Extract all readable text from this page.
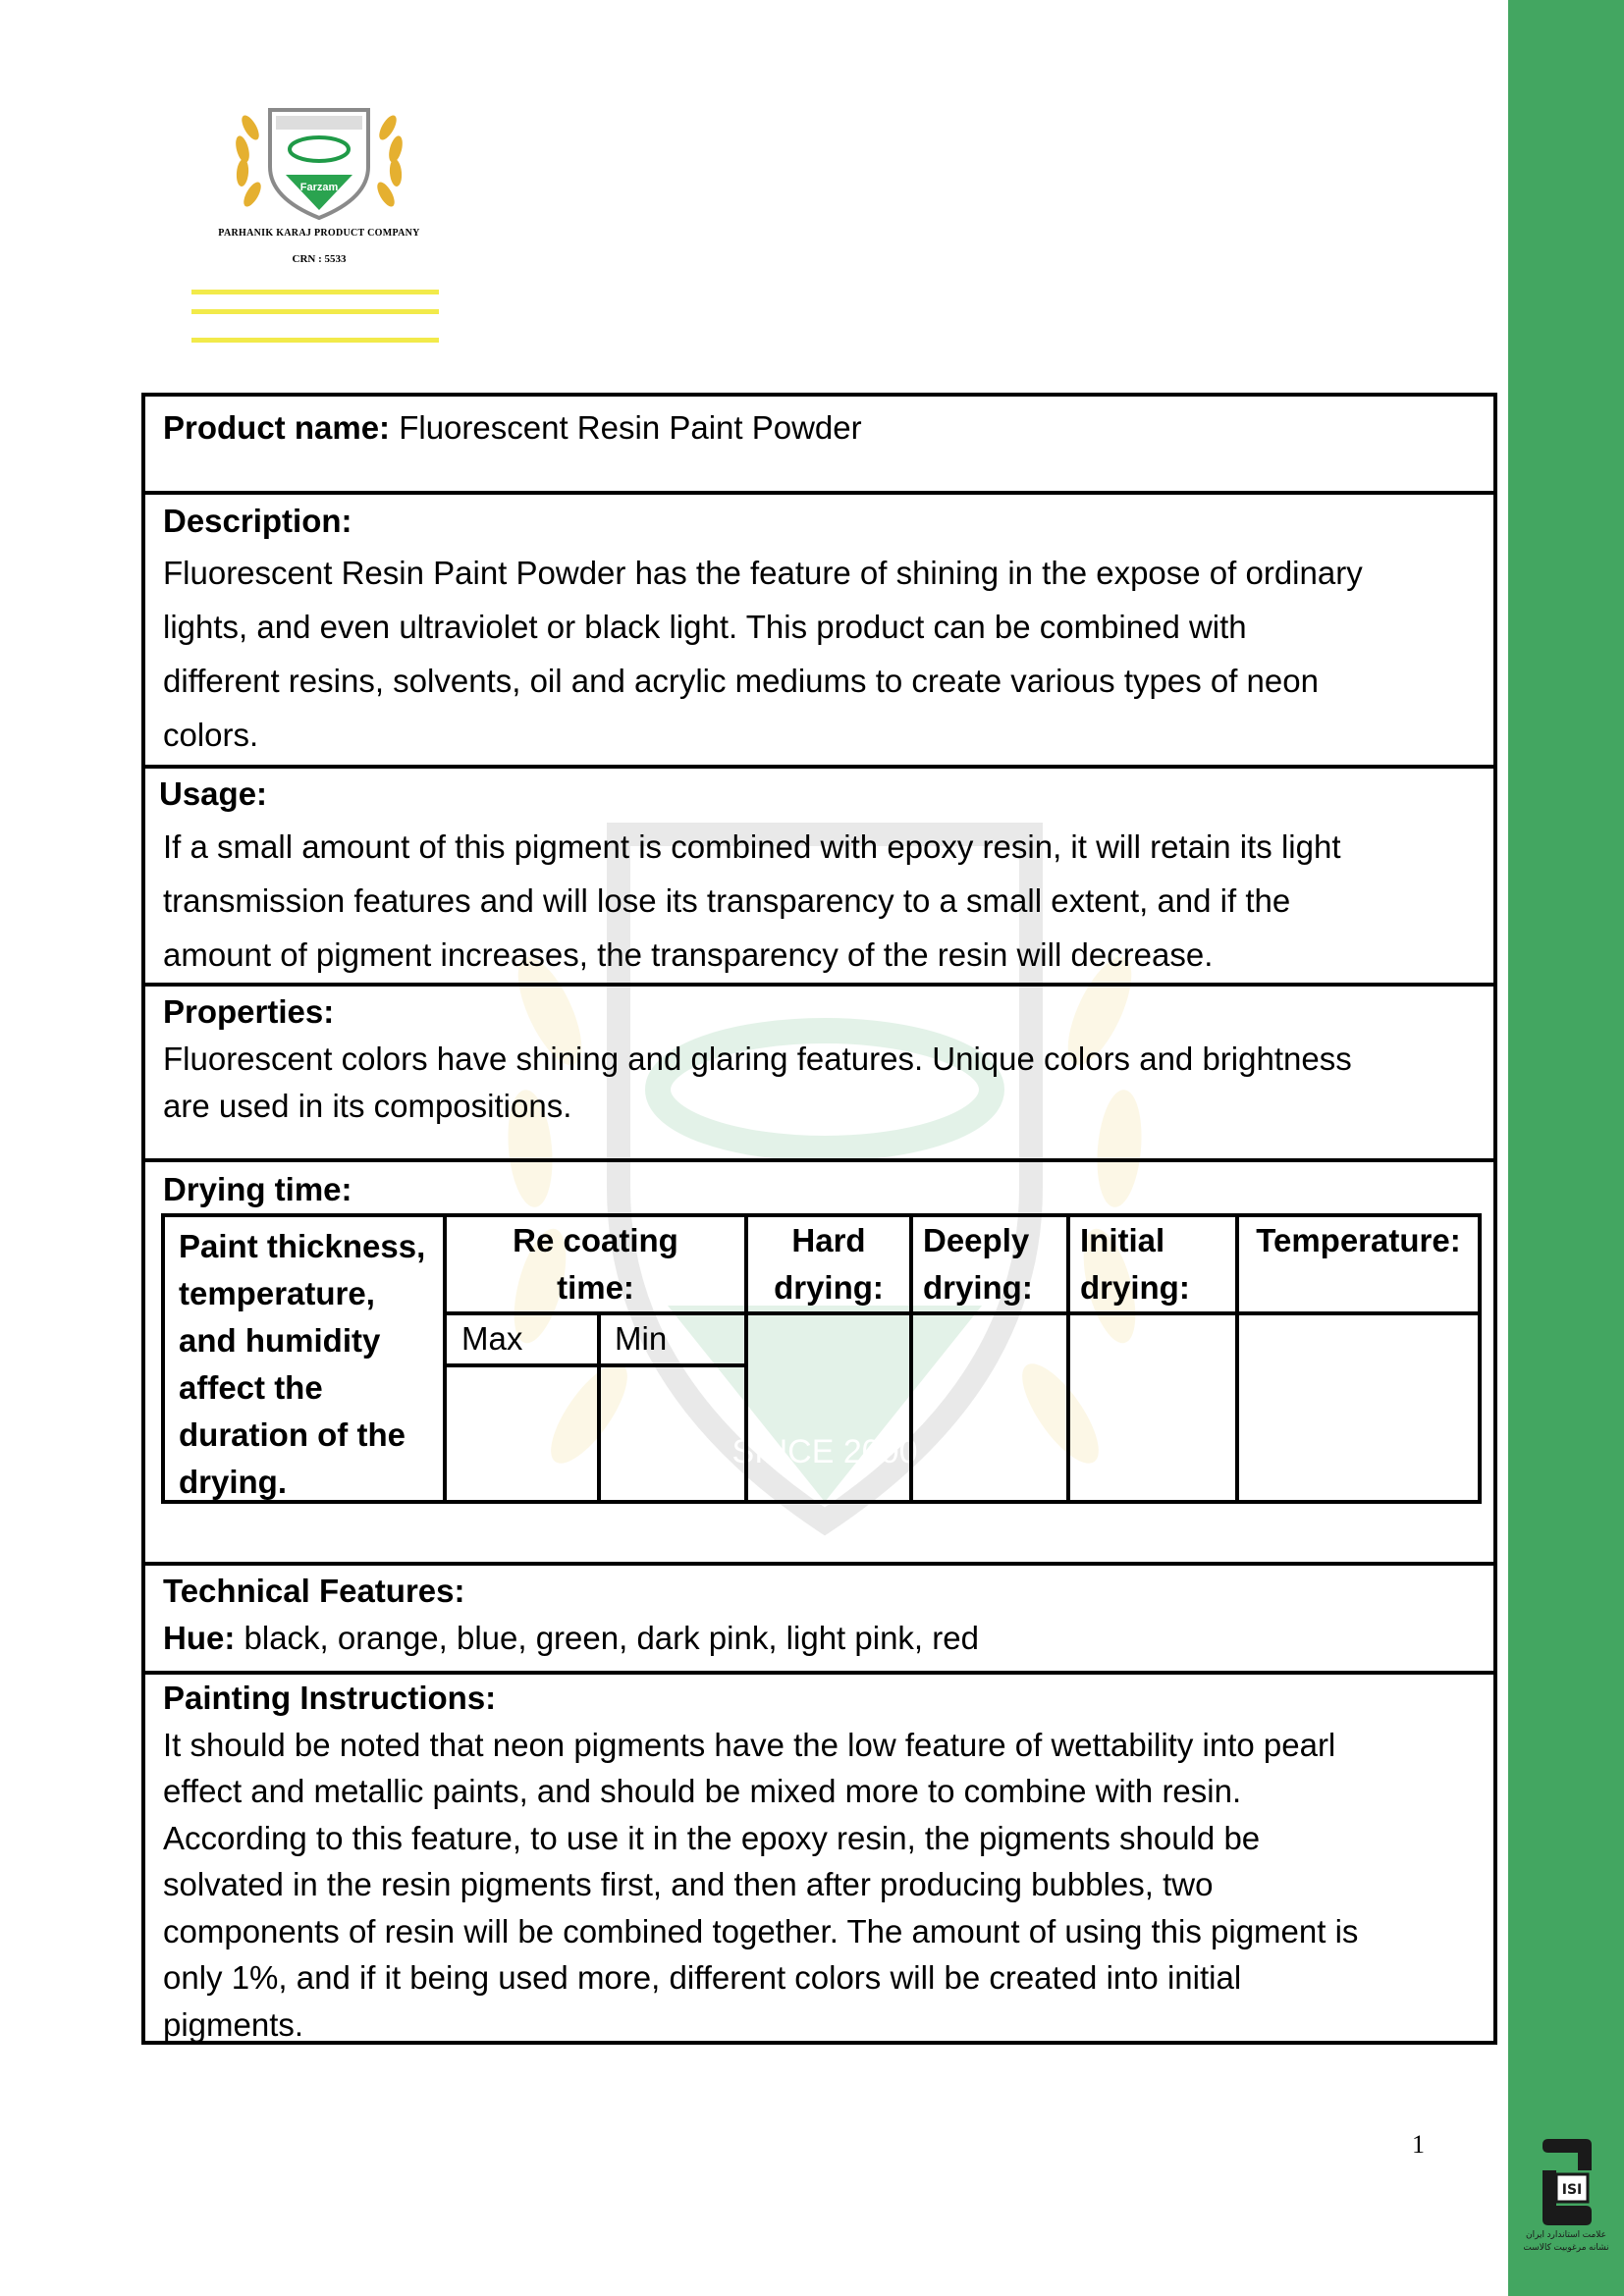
Farzam
PARHANIK KARAJ PRODUCT COMPANY
CRN : 5533
SINCE 2000
Product name: Fluorescent Resin Paint Powder
Description:
Fluorescent Resin Paint Powder has the feature of shining in the expose of ordinary
lights, and even ultraviolet or black light. This product can be combined with
different resins, solvents, oil and acrylic mediums to create various types of neon
colors.
Usage:
If a small amount of this pigment is combined with epoxy resin, it will retain its light
transmission features and will lose its transparency to a small extent, and if the
amount of pigment increases, the transparency of the resin will decrease.
Properties:
Fluorescent colors have shining and glaring features. Unique colors and brightness
are used in its compositions.
Drying time:
Paint thickness,
temperature,
and humidity
affect the
duration of the
drying.
Re coating
time:
Max	Min
Hard
drying:
Deeply
drying:
Initial
drying:
Temperature:
Technical Features:
Hue: black, orange, blue, green, dark pink, light pink, red
Painting Instructions:
It should be noted that neon pigments have the low feature of wettability into pearl
effect and metallic paints, and should be mixed more to combine with resin.
According to this feature, to use it in the epoxy resin, the pigments should be
solvated in the resin pigments first, and then after producing bubbles, two
components of resin will be combined together. The amount of using this pigment is
only 1%, and if it being used more, different colors will be created into initial
pigments.
1
ISI
علامت استاندارد ایران
نشانه مرغوبیت کالاست
